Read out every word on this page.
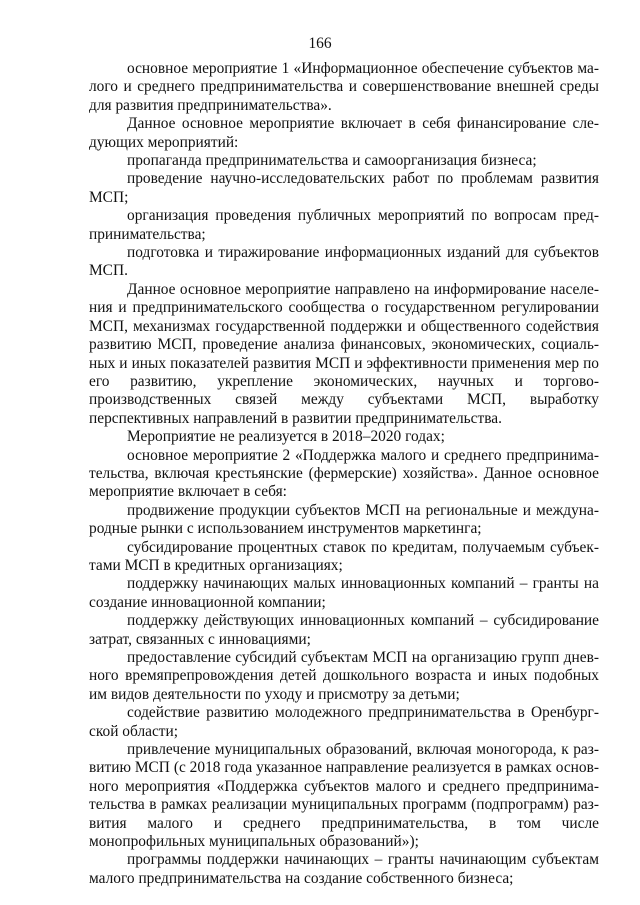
166

основное мероприятие 1 «Информационное обеспечение субъектов малого и среднего предпринимательства и совершенствование внешней среды для развития предпринимательства».

Данное основное мероприятие включает в себя финансирование следующих мероприятий:

пропаганда предпринимательства и самоорганизация бизнеса;

проведение научно-исследовательских работ по проблемам развития МСП;

организация проведения публичных мероприятий по вопросам предпринимательства;

подготовка и тиражирование информационных изданий для субъектов МСП.

Данное основное мероприятие направлено на информирование населения и предпринимательского сообщества о государственном регулировании МСП, механизмах государственной поддержки и общественного содействия развитию МСП, проведение анализа финансовых, экономических, социальных и иных показателей развития МСП и эффективности применения мер по его развитию, укрепление экономических, научных и торгово-производственных связей между субъектами МСП, выработку перспективных направлений в развитии предпринимательства.

Мероприятие не реализуется в 2018–2020 годах;

основное мероприятие 2 «Поддержка малого и среднего предпринимательства, включая крестьянские (фермерские) хозяйства». Данное основное мероприятие включает в себя:

продвижение продукции субъектов МСП на региональные и международные рынки с использованием инструментов маркетинга;

субсидирование процентных ставок по кредитам, получаемым субъектами МСП в кредитных организациях;

поддержку начинающих малых инновационных компаний – гранты на создание инновационной компании;

поддержку действующих инновационных компаний – субсидирование затрат, связанных с инновациями;

предоставление субсидий субъектам МСП на организацию групп дневного времяпрепровождения детей дошкольного возраста и иных подобных им видов деятельности по уходу и присмотру за детьми;

содействие развитию молодежного предпринимательства в Оренбургской области;

привлечение муниципальных образований, включая моногорода, к развитию МСП (с 2018 года указанное направление реализуется в рамках основного мероприятия «Поддержка субъектов малого и среднего предпринимательства в рамках реализации муниципальных программ (подпрограмм) развития малого и среднего предпринимательства, в том числе монопрофильных муниципальных образований»);

программы поддержки начинающих – гранты начинающим субъектам малого предпринимательства на создание собственного бизнеса;
